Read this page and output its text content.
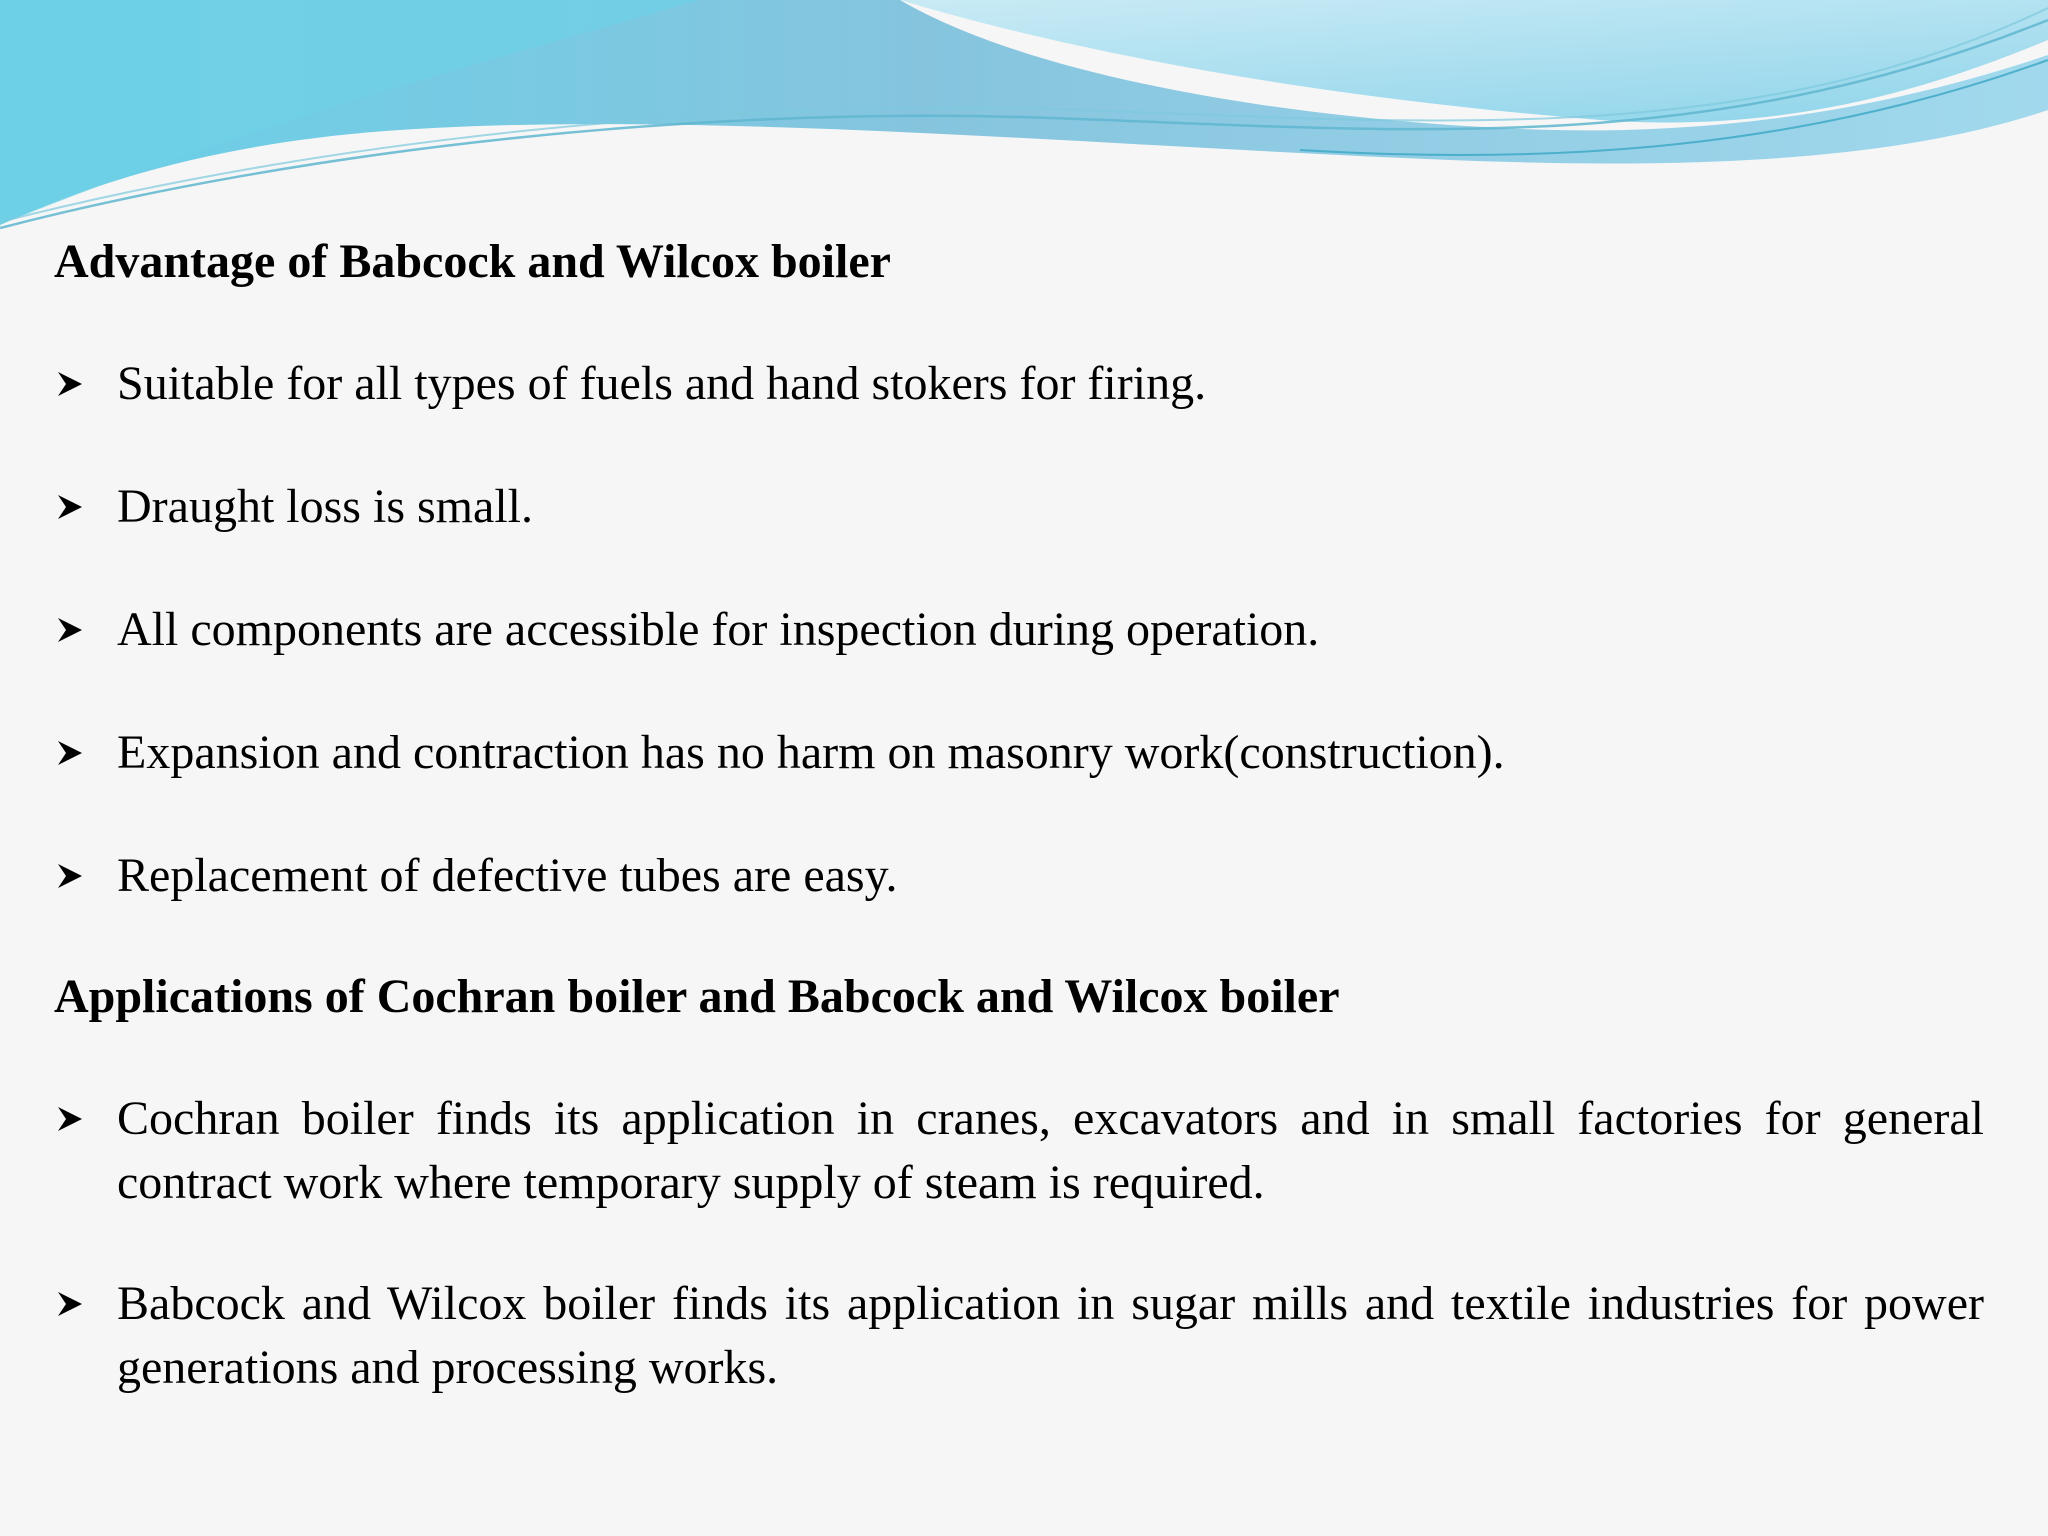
Advantage of Babcock and Wilcox boiler

Suitable for all types of fuels and hand stokers for firing.
Draught loss is small.
All components are accessible for inspection during operation.
Expansion and contraction has no harm on masonry work(construction).
Replacement of defective tubes are easy.

Applications of Cochran boiler and Babcock and Wilcox boiler

Cochran boiler finds its application in cranes, excavators and in small factories for general contract work where temporary supply of steam is required.
Babcock and Wilcox boiler finds its application in sugar mills and textile industries for power generations and processing works.
